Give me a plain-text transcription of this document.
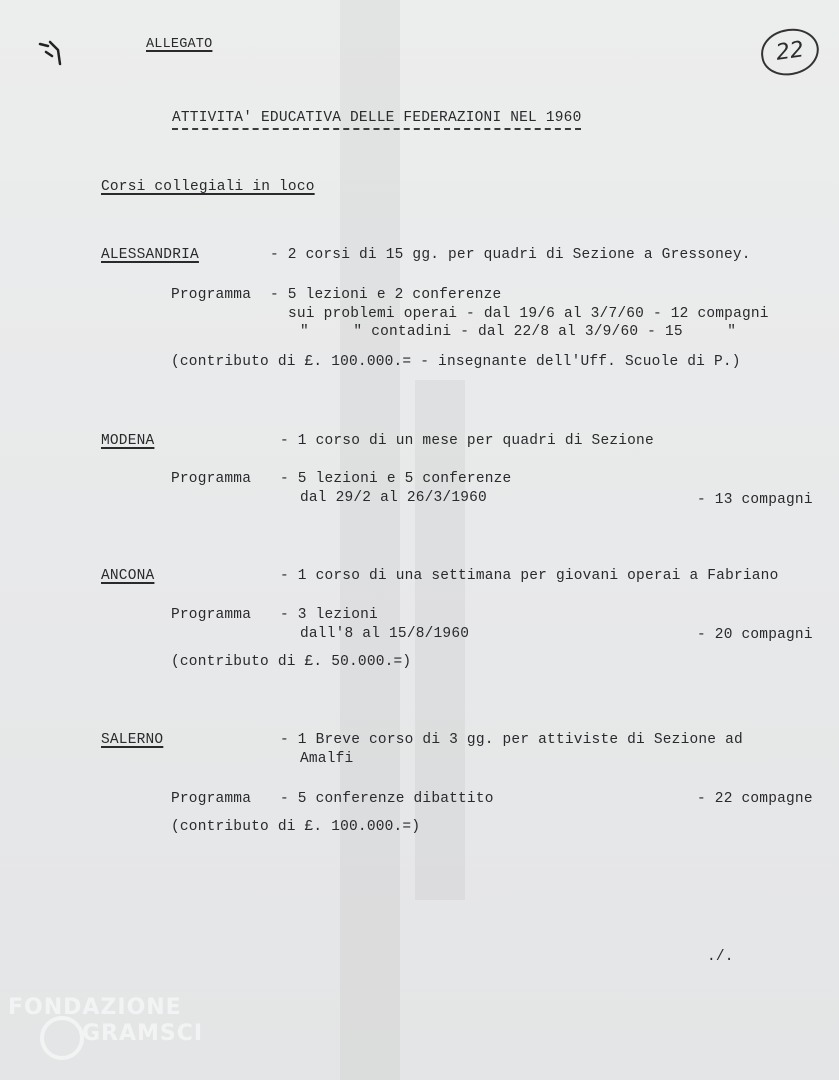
ALLEGATO	22
ATTIVITA' EDUCATIVA DELLE FEDERAZIONI NEL 1960
Corsi collegiali in loco
ALESSANDRIA	- 2 corsi di 15 gg. per quadri di Sezione a Gressoney.
Programma - 5 lezioni e 2 conferenze
sui problemi operai - dal 19/6 al 3/7/60 - 12 compagni
"     " contadini - dal 22/8 al 3/9/60 - 15     "
(contributo di £. 100.000.= - insegnante dell'Uff. Scuole di P.)
MODENA	- 1 corso di un mese per quadri di Sezione
Programma - 5 lezioni e 5 conferenze
dal 29/2 al 26/3/1960	- 13 compagni
ANCONA	- 1 corso di una settimana per giovani operai a Fabriano
Programma - 3 lezioni
dall'8 al 15/8/1960	- 20 compagni
(contributo di £. 50.000.=)
SALERNO	- 1 Breve corso di 3 gg. per attiviste di Sezione ad
Amalfi
Programma - 5 conferenze dibattito	- 22 compagne
(contributo di £. 100.000.=)
./.
FONDAZIONE
GRAMSCI
